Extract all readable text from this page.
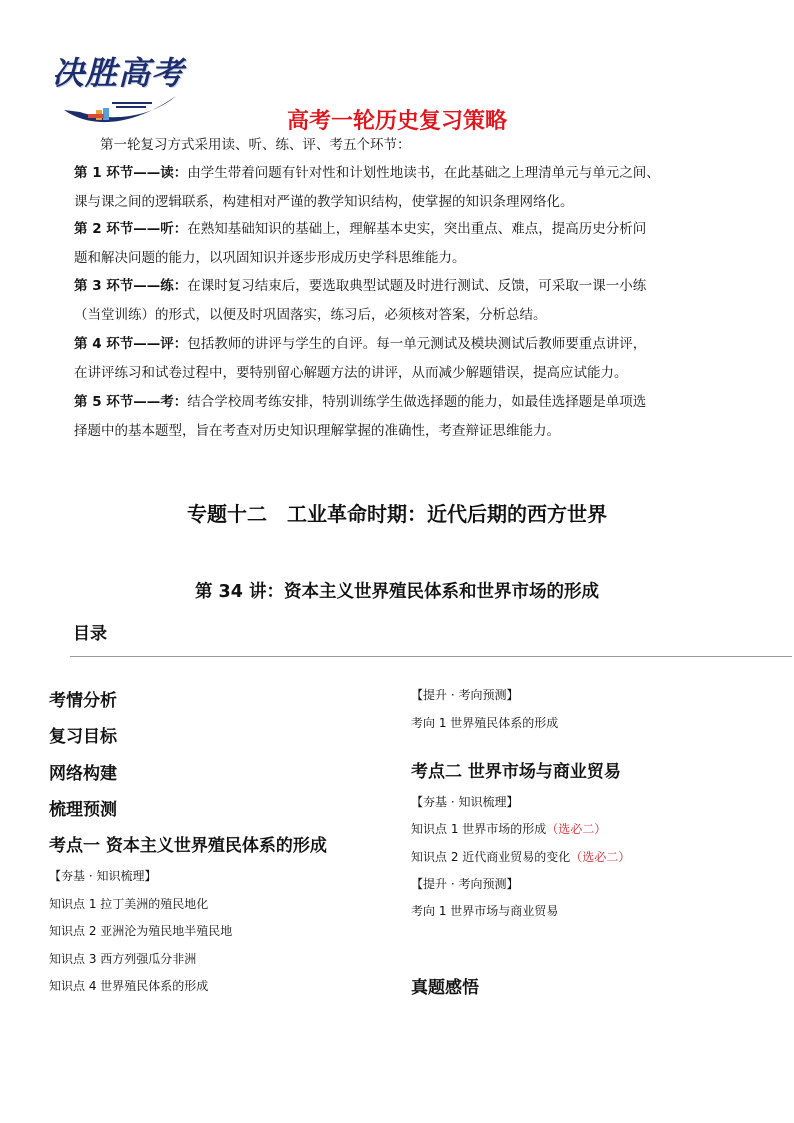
决胜高考
高考一轮历史复习策略
第一轮复习方式采用读、听、练、评、考五个环节：
第 1 环节——读：由学生带着问题有针对性和计划性地读书，在此基础之上理清单元与单元之间、
课与课之间的逻辑联系，构建相对严谨的教学知识结构，使掌握的知识条理网络化。
第 2 环节——听：在熟知基础知识的基础上，理解基本史实，突出重点、难点，提高历史分析问
题和解决问题的能力，以巩固知识并逐步形成历史学科思维能力。
第 3 环节——练：在课时复习结束后，要选取典型试题及时进行测试、反馈，可采取一课一小练
（当堂训练）的形式，以便及时巩固落实，练习后，必须核对答案，分析总结。
第 4 环节——评：包括教师的讲评与学生的自评。每一单元测试及模块测试后教师要重点讲评，
在讲评练习和试卷过程中，要特别留心解题方法的讲评，从而减少解题错误，提高应试能力。
第 5 环节——考：结合学校周考练安排，特别训练学生做选择题的能力，如最佳选择题是单项选
择题中的基本题型，旨在考查对历史知识理解掌握的准确性，考查辩证思维能力。
专题十二　工业革命时期：近代后期的西方世界
第 34 讲：资本主义世界殖民体系和世界市场的形成
目录
考情分析
复习目标
网络构建
梳理预测
考点一 资本主义世界殖民体系的形成
【夯基 · 知识梳理】
知识点 1 拉丁美洲的殖民地化
知识点 2 亚洲沦为殖民地半殖民地
知识点 3 西方列强瓜分非洲
知识点 4 世界殖民体系的形成
【提升 · 考向预测】
考向 1 世界殖民体系的形成
考点二 世界市场与商业贸易
【夯基 · 知识梳理】
知识点 1 世界市场的形成（选必二）
知识点 2 近代商业贸易的变化（选必二）
【提升 · 考向预测】
考向 1 世界市场与商业贸易
真题感悟
